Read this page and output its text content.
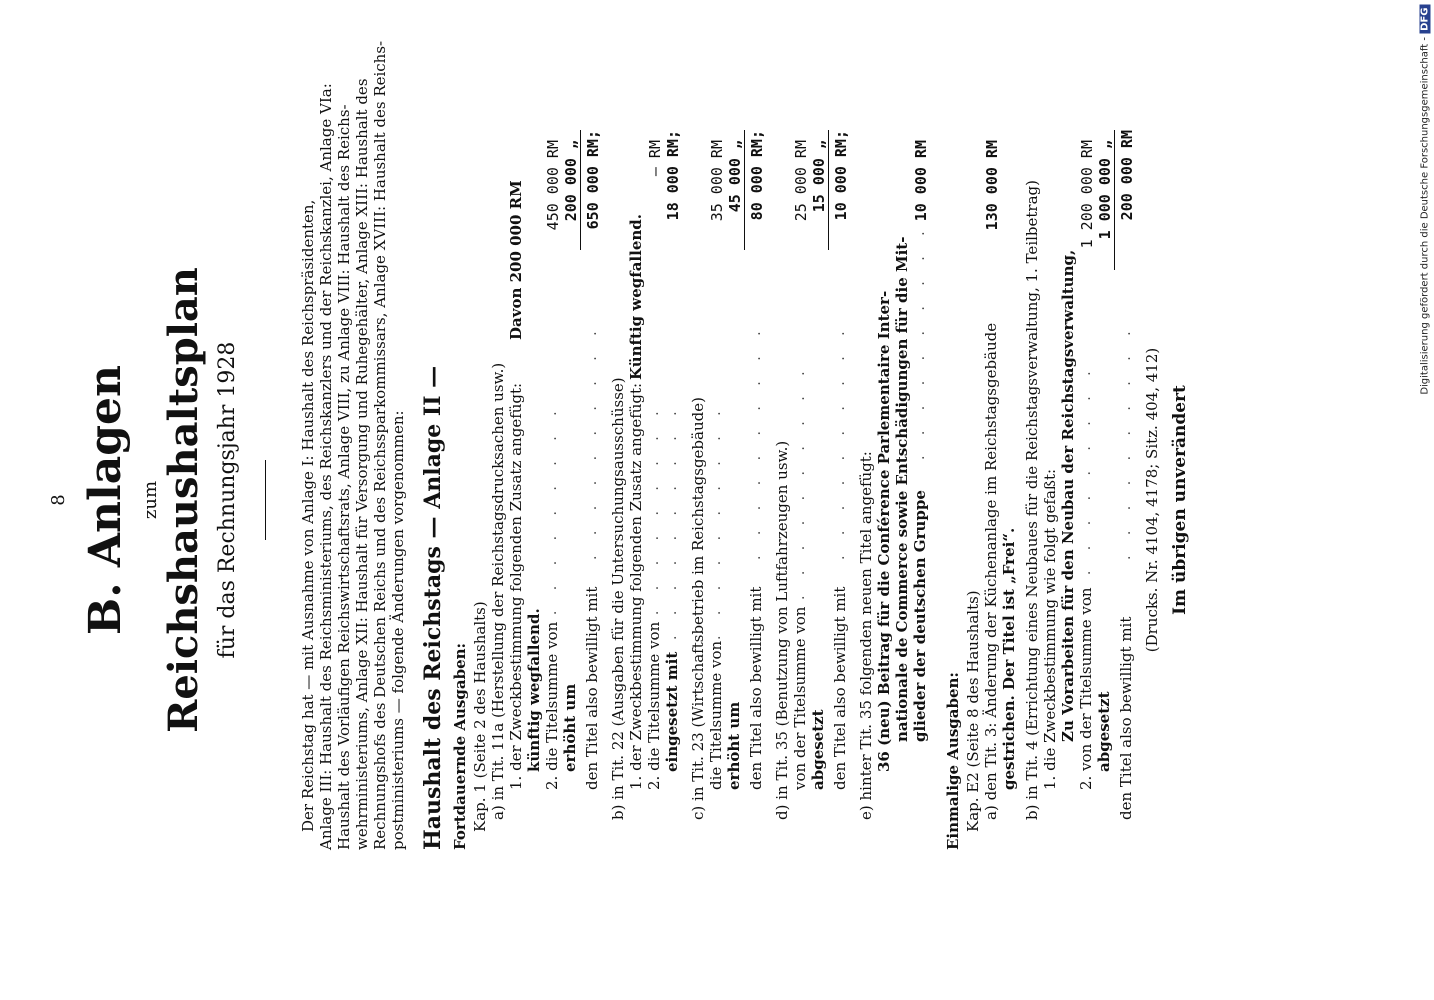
8 B. Anlagen zum Reichshaushaltsplan für das Rechnungsjahr 1928	Der Reichstag hat — mit Ausnahme von Anlage I: Haushalt des Reichspräsidenten, Anlage III: Haushalt des Reichsministeriums, des Reichskanzlers und der Reichskanzlei, Anlage VIa: Haushalt des Vorläufigen Reichswirtschaftsrats, Anlage VIII, zu Anlage VIII: Haushalt des Reichs- wehrministeriums, Anlage XII: Haushalt für Versorgung und Ruhegehälter, Anlage XIII: Haushalt des Rechnungshofs des Deutschen Reichs und des Reichssparkommissars, Anlage XVIII: Haushalt des Reichs- postministeriums — folgende Änderungen vorgenommen: Haushalt des Reichstags — Anlage II — Fortdauernde Ausgaben: Kap. 1 (Seite 2 des Haushalts) a) in Tit. 11a (Herstellung der Reichstagsdrucksachen usw.) 1. der Zweckbestimmung folgenden Zusatz angefügt:
Davon 200 000 RM
künftig wegfallend. 2. die Titelsumme von
. . . . . . . . . .
450 000 RM
erhöht um
200 000 „
den Titel also bewilligt mit
. . . . . . . . . .
650 000 RM;
b) in Tit. 22 (Ausgaben für die Untersuchungsausschüsse) 1. der Zweckbestimmung folgenden Zusatz angefügt:
Künftig wegfallend.
2. die Titelsumme von
. . . . . . . . . .
— RM
eingesetzt mit
. . . . . . . . . .
18 000 RM;
c) in Tit. 23 (Wirtschaftsbetrieb im Reichstagsgebäude) die Titelsumme von
. . . . . . . . . .
35 000 RM
erhöht um
45 000 „
den Titel also bewilligt mit
. . . . . . . . . .
80 000 RM;
d) in Tit. 35 (Benutzung von Luftfahrzeugen usw.) von der Titelsumme von
. . . . . . . . . .
25 000 RM
abgesetzt
15 000 „
den Titel also bewilligt mit
. . . . . . . . . .
10 000 RM;
e) hinter Tit. 35 folgenden neuen Titel angefügt: 36 (neu) Beitrag für die Conférence Parlementaire Inter- nationale de Commerce sowie Entschädigungen für die Mit- glieder der deutschen Gruppe
. . . . . . . . . .
10 000 RM
Einmalige Ausgaben: Kap. E2 (Seite 8 des Haushalts) a) den Tit. 3: Änderung der Küchenanlage im Reichstagsgebäude
130 000 RM
gestrichen. Der Titel ist „Frei“. b) in Tit. 4 (Errichtung eines Neubaues für die Reichstagsverwaltung, 1. Teilbetrag) 1. die Zweckbestimmung wie folgt gefaßt: Zu Vorarbeiten für den Neubau der Reichstagsverwaltung, 2. von der Titelsumme von
. . . . . . . . . .
1 200 000 RM
abgesetzt
1 000 000 „
den Titel also bewilligt mit
. . . . . . . . . .
200 000 RM
(Drucks. Nr. 4104, 4178; Sitz. 404, 412) Im übrigen unverändert
Digitalisierung gefördert durch die Deutsche Forschungsgemeinschaft - DFG
